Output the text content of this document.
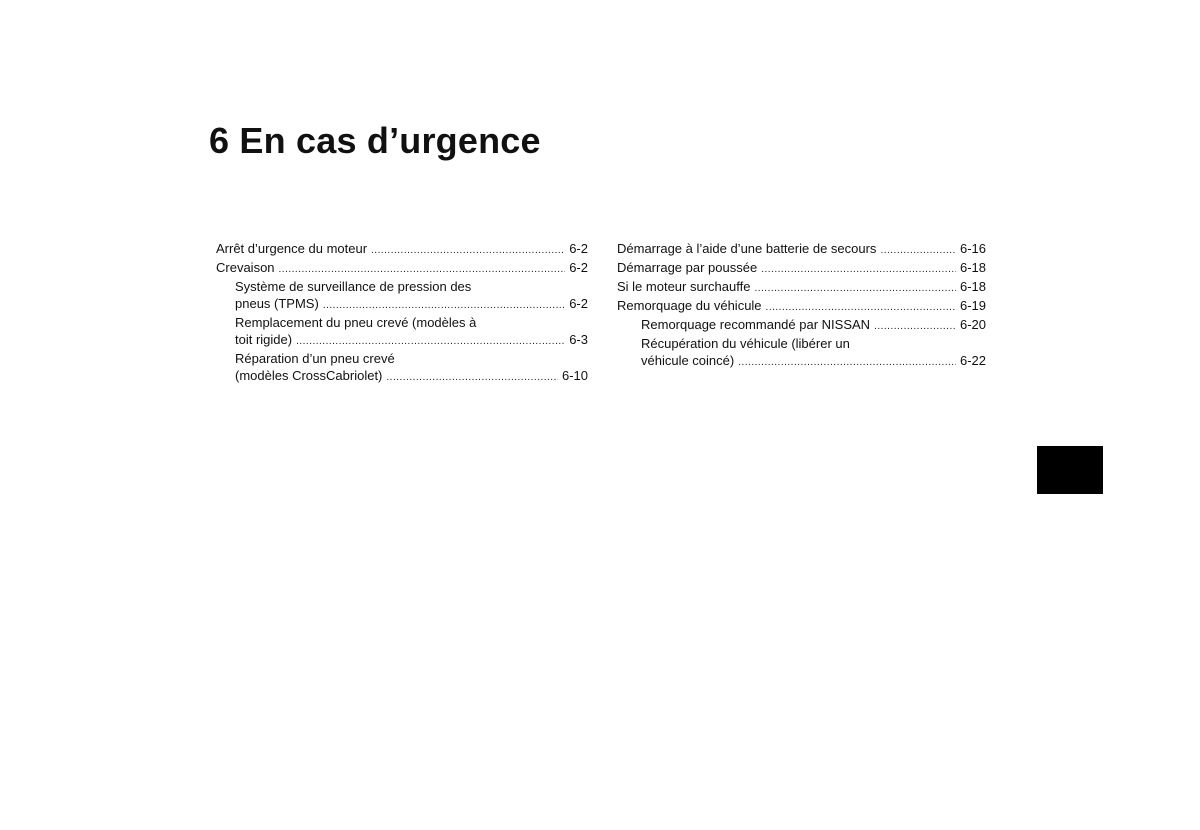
6 En cas d’urgence
Arrêt d’urgence du moteur .....	6-2
Crevaison .....	6-2
Système de surveillance de pression des
pneus (TPMS) .....	6-2
Remplacement du pneu crevé (modèles à
toit rigide) .....	6-3
Réparation d’un pneu crevé
(modèles CrossCabriolet) .....	6-10
Démarrage à l’aide d’une batterie de secours .....	6-16
Démarrage par poussée .....	6-18
Si le moteur surchauffe .....	6-18
Remorquage du véhicule .....	6-19
Remorquage recommandé par NISSAN .....	6-20
Récupération du véhicule (libérer un
véhicule coincé) .....	6-22
